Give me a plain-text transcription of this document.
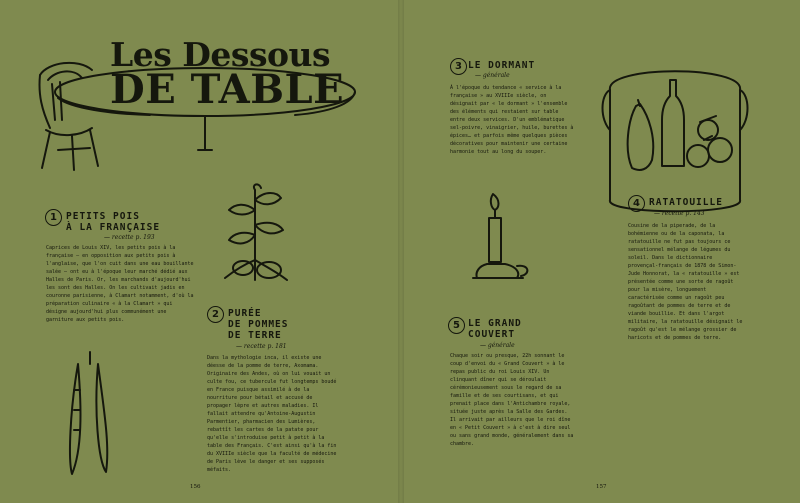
Les Dessous
DE TABLE
1 PETITS POIS
À LA FRANÇAISE
— recette p. 193
Caprices de Louis XIV, les petits pois à la française – en opposition aux petits pois à l'anglaise, que l'on cuit dans une eau bouillante salée – ont eu à l'époque leur marché dédié aux Halles de Paris. Or, les marchands d'aujourd'hui les sont des Halles. On les cultivait jadis en couronne parisienne, à Clamart notamment, d'où la préparation culinaire « à la Clamart » qui désigne aujourd'hui plus communément une garniture aux petits pois.	2 PURÉE
DE POMMES
DE TERRE
— recette p. 181
Dans la mythologie inca, il existe une déesse de la pomme de terre, Axomama. Originaire des Andes, où on lui vouait un culte fou, ce tubercule fut longtemps boudé en France puisque assimilé à de la nourriture pour bétail et accusé de propager lèpre et autres maladies. Il fallait attendre qu'Antoine-Augustin Parmentier, pharmacien des Lumières, rebattît les cartes de la patate pour qu'elle s'introduise petit à petit à la table des Français. C'est ainsi qu'à la fin du XVIIIe siècle que la faculté de médecine de Paris lève le danger et ses supposés méfaits.
3 LE DORMANT
— générale
À l'époque du tendance « service à la française » au XVIIIe siècle, on désignait par « le dormant » l'ensemble des éléments qui restaient sur table entre deux services. D'un emblématique sel-poivre, vinaigrier, huile, burettes à épices… et parfois même quelques pièces décoratives pour maintenir une certaine harmonie tout au long du souper.
4 RATATOUILLE
— recette p. 143
Cousine de la piperade, de la bohémienne ou de la caponata, la ratatouille ne fut pas toujours ce sensationnel mélange de légumes du soleil. Dans le dictionnaire provençal-français de 1878 de Simon-Jude Honnorat, la « ratatouille » est présentée comme une sorte de ragoût pour la misère, longuement caractérisée comme un ragoût peu ragoûtant de pommes de terre et de viande bouillie. Et dans l'argot militaire, la ratatouille désignait le ragoût qu'est le mélange grossier de haricots et de pommes de terre.
5 LE GRAND
COUVERT
— générale
Chaque soir ou presque, 22h sonnant le coup d'envoi du « Grand Couvert » à le repas public du roi Louis XIV. Un clinquant dîner qui se déroulait cérémonieusement sous le regard de sa famille et de ses courtisans, et qui prenait place dans l'Antichambre royale, située juste après la Salle des Gardes. Il arrivait par ailleurs que le roi dîne en « Petit Couvert » à c'est à dire seul ou sans grand monde, généralement dans sa chambre.
156	157
